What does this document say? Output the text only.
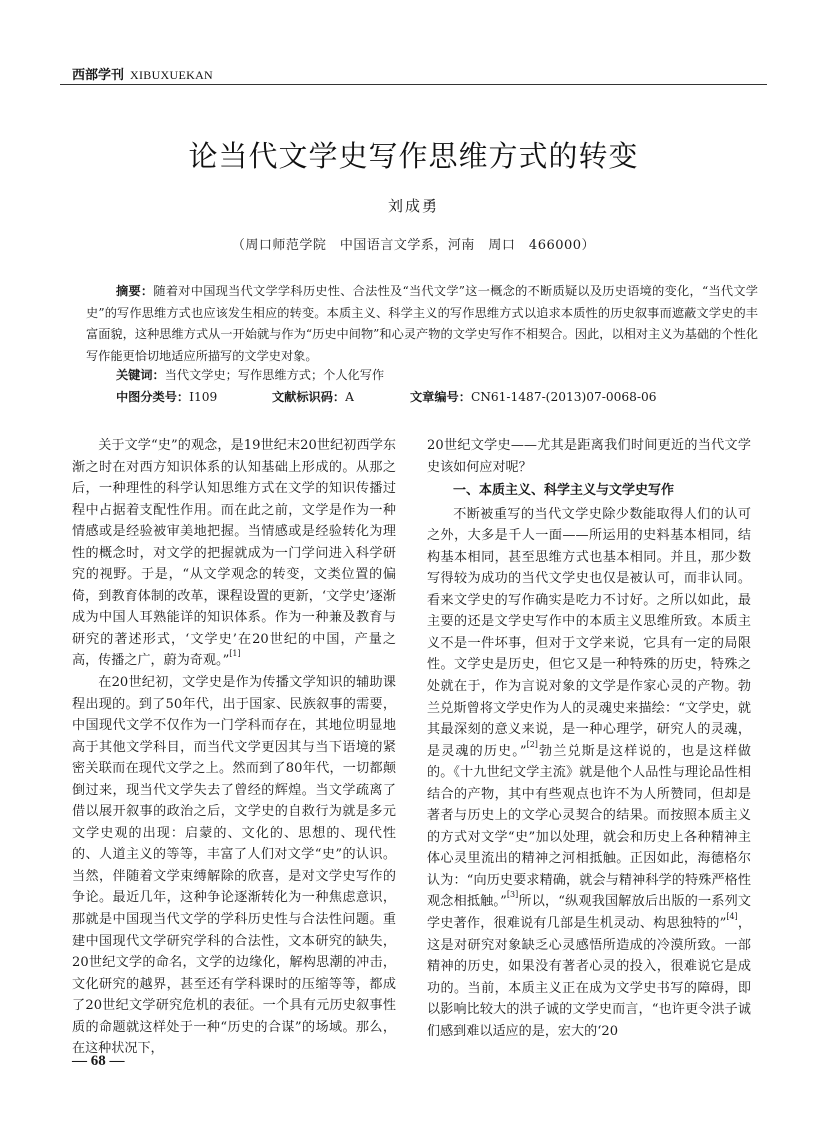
西部学刊 XIBUXUEKAN
论当代文学史写作思维方式的转变
刘成勇
（周口师范学院　中国语言文学系，河南　周口　466000）
摘要：随着对中国现当代文学学科历史性、合法性及“当代文学”这一概念的不断质疑以及历史语境的变化，“当代文学史”的写作思维方式也应该发生相应的转变。本质主义、科学主义的写作思维方式以追求本质性的历史叙事而遮蔽文学史的丰富面貌，这种思维方式从一开始就与作为“历史中间物”和心灵产物的文学史写作不相契合。因此，以相对主义为基础的个性化写作能更恰切地适应所描写的文学史对象。
关键词：当代文学史；写作思维方式；个人化写作
中图分类号：I109	文献标识码：A	文章编号：CN61-1487-(2013)07-0068-06

关于文学“史”的观念，是19世纪末20世纪初西学东渐之时在对西方知识体系的认知基础上形成的。从那之后，一种理性的科学认知思维方式在文学的知识传播过程中占据着支配性作用。而在此之前，文学是作为一种情感或是经验被审美地把握。当情感或是经验转化为理性的概念时，对文学的把握就成为一门学问进入科学研究的视野。于是，“从文学观念的转变，文类位置的偏倚，到教育体制的改革，课程设置的更新，‘文学史’逐渐成为中国人耳熟能详的知识体系。作为一种兼及教育与研究的著述形式，‘文学史’在20世纪的中国，产量之高，传播之广，蔚为奇观。”[1]

在20世纪初，文学史是作为传播文学知识的辅助课程出现的。到了50年代，出于国家、民族叙事的需要，中国现代文学不仅作为一门学科而存在，其地位明显地高于其他文学科目，而当代文学更因其与当下语境的紧密关联而在现代文学之上。然而到了80年代，一切都颠倒过来，现当代文学失去了曾经的辉煌。当文学疏离了借以展开叙事的政治之后，文学史的自救行为就是多元文学史观的出现：启蒙的、文化的、思想的、现代性的、人道主义的等等，丰富了人们对文学“史”的认识。当然，伴随着文学束缚解除的欣喜，是对文学史写作的争论。最近几年，这种争论逐渐转化为一种焦虑意识，那就是中国现当代文学的学科历史性与合法性问题。重建中国现代文学研究学科的合法性，文本研究的缺失，20世纪文学的命名，文学的边缘化，解构思潮的冲击，文化研究的越界，甚至还有学科课时的压缩等等，都成了20世纪文学研究危机的表征。一个具有元历史叙事性质的命题就这样处于一种“历史的合谋”的场域。那么，在这种状况下，

20世纪文学史——尤其是距离我们时间更近的当代文学史该如何应对呢？

一、本质主义、科学主义与文学史写作

不断被重写的当代文学史除少数能取得人们的认可之外，大多是千人一面——所运用的史料基本相同，结构基本相同，甚至思维方式也基本相同。并且，那少数写得较为成功的当代文学史也仅是被认可，而非认同。看来文学史的写作确实是吃力不讨好。之所以如此，最主要的还是文学史写作中的本质主义思维所致。本质主义不是一件坏事，但对于文学来说，它具有一定的局限性。文学史是历史，但它又是一种特殊的历史，特殊之处就在于，作为言说对象的文学是作家心灵的产物。勃兰兑斯曾将文学史作为人的灵魂史来描绘：“文学史，就其最深刻的意义来说，是一种心理学，研究人的灵魂，是灵魂的历史。”[2]勃兰兑斯是这样说的，也是这样做的。《十九世纪文学主流》就是他个人品性与理论品性相结合的产物，其中有些观点也许不为人所赞同，但却是著者与历史上的文学心灵契合的结果。而按照本质主义的方式对文学“史”加以处理，就会和历史上各种精神主体心灵里流出的精神之河相抵触。正因如此，海德格尔认为：“向历史要求精确，就会与精神科学的特殊严格性观念相抵触。”[3]所以，“纵观我国解放后出版的一系列文学史著作，很难说有几部是生机灵动、构思独特的”[4]，这是对研究对象缺乏心灵感悟所造成的冷漠所致。一部精神的历史，如果没有著者心灵的投入，很难说它是成功的。当前，本质主义正在成为文学史书写的障碍，即以影响比较大的洪子诚的文学史而言，“也许更令洪子诚们感到难以适应的是，宏大的‘20

— 68 —
